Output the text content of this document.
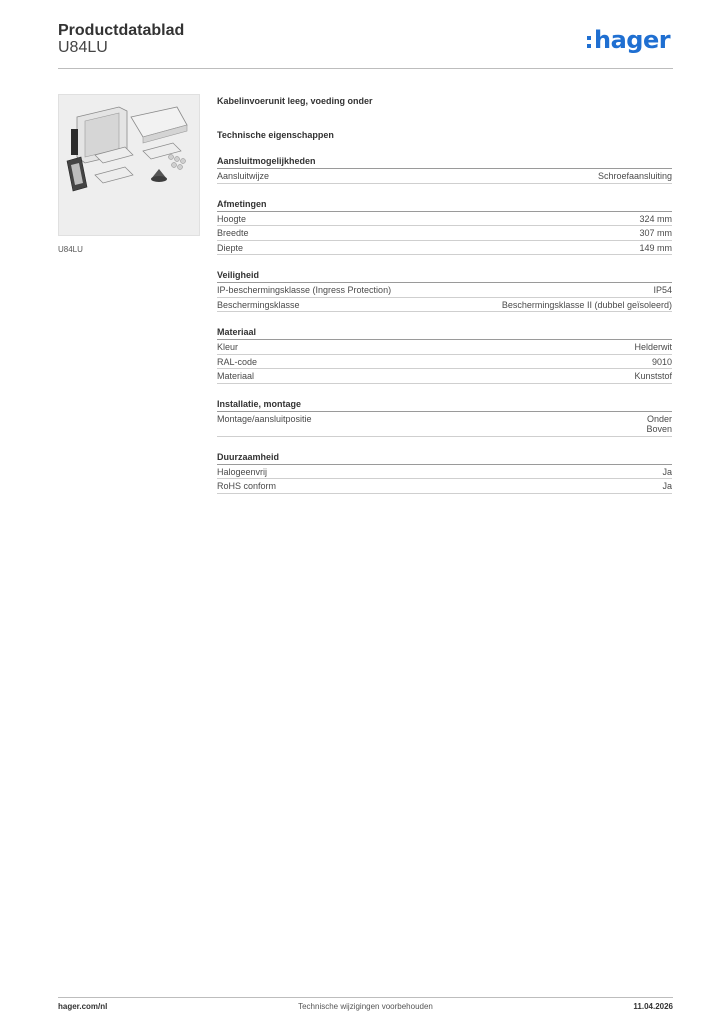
Productdatablad
U84LU	hager
U84LU
Kabelinvoerunit leeg, voeding onder
Technische eigenschappen
Aansluitmogelijkheden
Aansluitwijze	Schroefaansluiting
Afmetingen
Hoogte	324 mm
Breedte	307 mm
Diepte	149 mm
Veiligheid
IP-beschermingsklasse (Ingress Protection)	IP54
Beschermingsklasse	Beschermingsklasse II (dubbel geïsoleerd)
Materiaal
Kleur	Helderwit
RAL-code	9010
Materiaal	Kunststof
Installatie, montage
Montage/aansluitpositie	Onder
Boven
Duurzaamheid
Halogeenvrij	Ja
RoHS conform	Ja
hager.com/nl	Technische wijzigingen voorbehouden	11.04.2026
